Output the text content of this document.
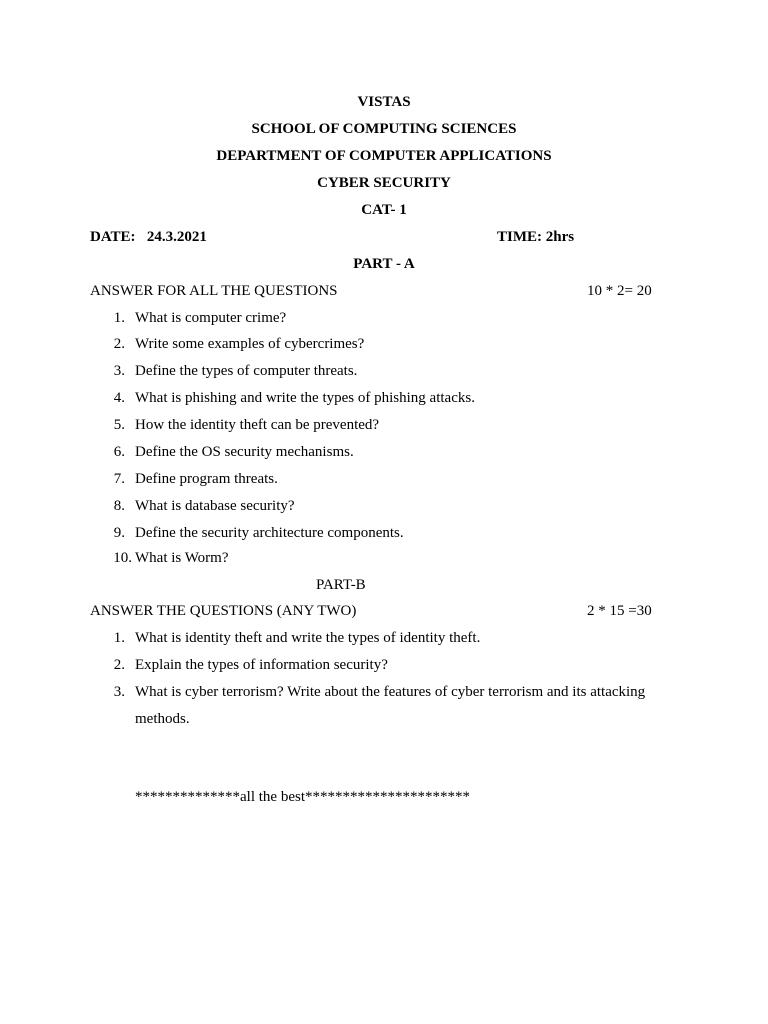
VISTAS
SCHOOL OF COMPUTING SCIENCES
DEPARTMENT OF COMPUTER APPLICATIONS
CYBER SECURITY
CAT- 1
DATE: 24.3.2021	TIME: 2hrs
PART - A
ANSWER FOR ALL THE QUESTIONS	10 * 2= 20
1. What is computer crime?
2. Write some examples of cybercrimes?
3. Define the types of computer threats.
4. What is phishing and write the types of phishing attacks.
5. How the identity theft can be prevented?
6. Define the OS security mechanisms.
7. Define program threats.
8. What is database security?
9. Define the security architecture components.
10. What is Worm?
PART-B
ANSWER THE QUESTIONS (ANY TWO)	2 * 15 =30
1. What is identity theft and write the types of identity theft.
2. Explain the types of information security?
3. What is cyber terrorism? Write about the features of cyber terrorism and its attacking
methods.
**************all the best**********************
